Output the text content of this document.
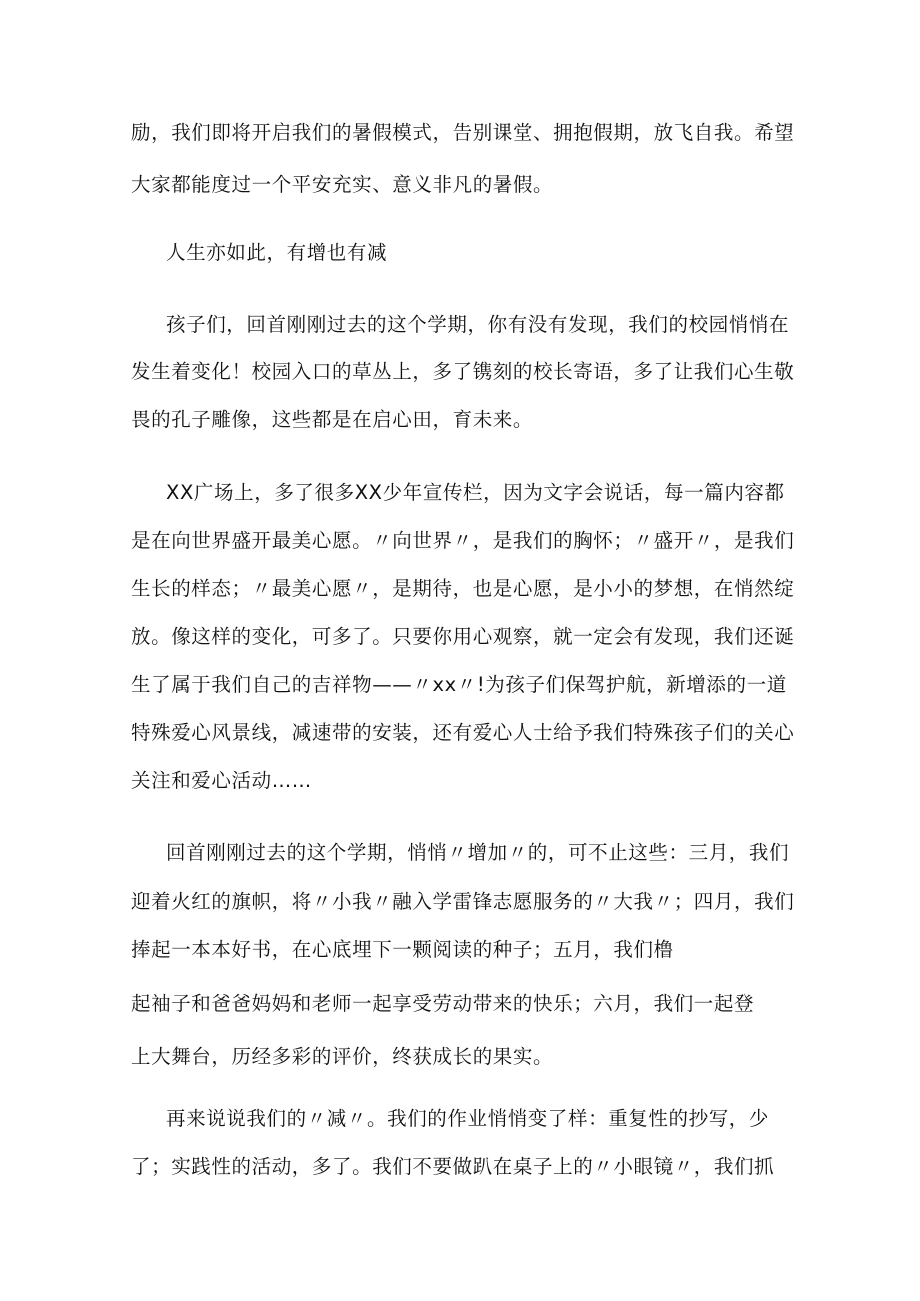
励，我们即将开启我们的暑假模式，告别课堂、拥抱假期，放飞自我。希望

大家都能度过一个平安充实、意义非凡的暑假。

人生亦如此，有增也有减

孩子们，回首刚刚过去的这个学期，你有没有发现，我们的校园悄悄在

发生着变化！校园入口的草丛上，多了镌刻的校长寄语，多了让我们心生敬

畏的孔子雕像，这些都是在启心田，育未来。

XX广场上，多了很多XX少年宣传栏，因为文字会说话，每一篇内容都

是在向世界盛开最美心愿。〃向世界〃，是我们的胸怀；〃盛开〃，是我们

生长的样态；〃最美心愿〃，是期待，也是心愿，是小小的梦想，在悄然绽

放。像这样的变化，可多了。只要你用心观察，就一定会有发现，我们还诞

生了属于我们自己的吉祥物——〃xx〃!为孩子们保驾护航，新增添的一道

特殊爱心风景线，减速带的安装，还有爱心人士给予我们特殊孩子们的关心

关注和爱心活动……

回首刚刚过去的这个学期，悄悄〃增加〃的，可不止这些：三月，我们

迎着火红的旗帜，将〃小我〃融入学雷锋志愿服务的〃大我〃；四月，我们

捧起一本本好书，在心底埋下一颗阅读的种子；五月，我们橹

起袖子和爸爸妈妈和老师一起享受劳动带来的快乐；六月，我们一起登

上大舞台，历经多彩的评价，终获成长的果实。

再来说说我们的〃减〃。我们的作业悄悄变了样：重复性的抄写，少

了；实践性的活动，多了。我们不要做趴在桌子上的〃小眼镜〃，我们抓
